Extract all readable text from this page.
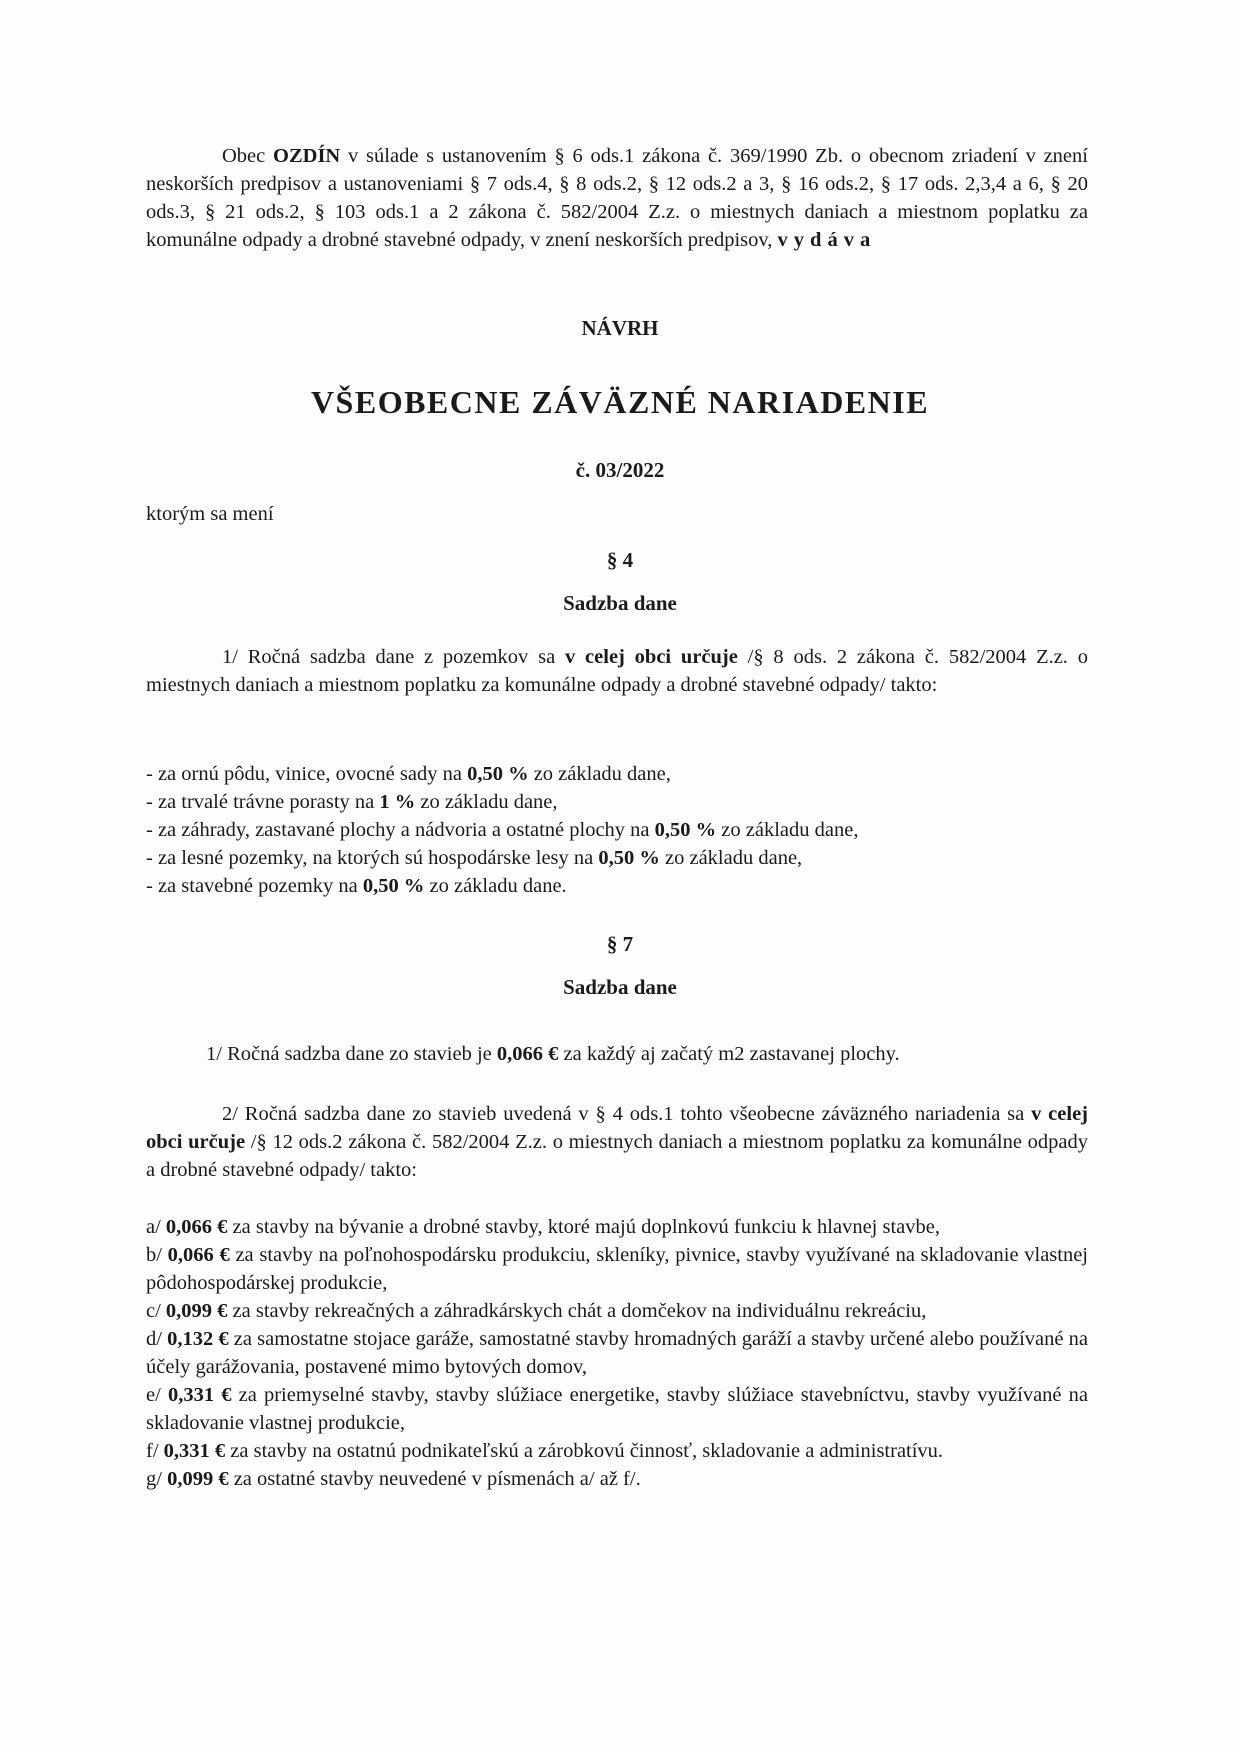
Obec OZDÍN v súlade s ustanovením § 6 ods.1 zákona č. 369/1990 Zb. o obecnom zriadení v znení neskorších predpisov a ustanoveniami § 7 ods.4, § 8 ods.2, § 12 ods.2 a 3, § 16 ods.2, § 17 ods. 2,3,4 a 6, § 20 ods.3, § 21 ods.2, § 103 ods.1 a 2 zákona č. 582/2004 Z.z. o miestnych daniach a miestnom poplatku za komunálne odpady a drobné stavebné odpady, v znení neskorších predpisov, vydáva

NÁVRH
VŠEOBECNE ZÁVÄZNÉ NARIADENIE
č. 03/2022
ktorým sa mení
§ 4
Sadzba dane

1/ Ročná sadzba dane z pozemkov sa v celej obci určuje /§ 8 ods. 2 zákona č. 582/2004 Z.z. o miestnych daniach a miestnom poplatku za komunálne odpady a drobné stavebné odpady/ takto:

- za ornú pôdu, vinice, ovocné sady na 0,50 % zo základu dane,
- za trvalé trávne porasty na 1 % zo základu dane,
- za záhrady, zastavané plochy a nádvoria a ostatné plochy na 0,50 % zo základu dane,
- za lesné pozemky, na ktorých sú hospodárske lesy na 0,50 % zo základu dane,
- za stavebné pozemky na 0,50 % zo základu dane.
§ 7
Sadzba dane

1/ Ročná sadzba dane zo stavieb je 0,066 € za každý aj začatý m2 zastavanej plochy.

2/ Ročná sadzba dane zo stavieb uvedená v § 4 ods.1 tohto všeobecne záväzného nariadenia sa v celej obci určuje /§ 12 ods.2 zákona č. 582/2004 Z.z. o miestnych daniach a miestnom poplatku za komunálne odpady a drobné stavebné odpady/ takto:

a/ 0,066 € za stavby na bývanie a drobné stavby, ktoré majú doplnkovú funkciu k hlavnej stavbe,
b/ 0,066 € za stavby na poľnohospodársku produkciu, skleníky, pivnice, stavby využívané na skladovanie vlastnej pôdohospodárskej produkcie,
c/ 0,099 € za stavby rekreačných a záhradkárskych chát a domčekov na individuálnu rekreáciu,
d/ 0,132 € za samostatne stojace garáže, samostatné stavby hromadných garáží a stavby určené alebo používané na účely garážovania, postavené mimo bytových domov,
e/ 0,331 € za priemyselné stavby, stavby slúžiace energetike, stavby slúžiace stavebníctvu, stavby využívané na skladovanie vlastnej produkcie,
f/ 0,331 € za stavby na ostatnú podnikateľskú a zárobkovú činnosť, skladovanie a administratívu.
g/ 0,099 € za ostatné stavby neuvedené v písmenách a/ až f/.
